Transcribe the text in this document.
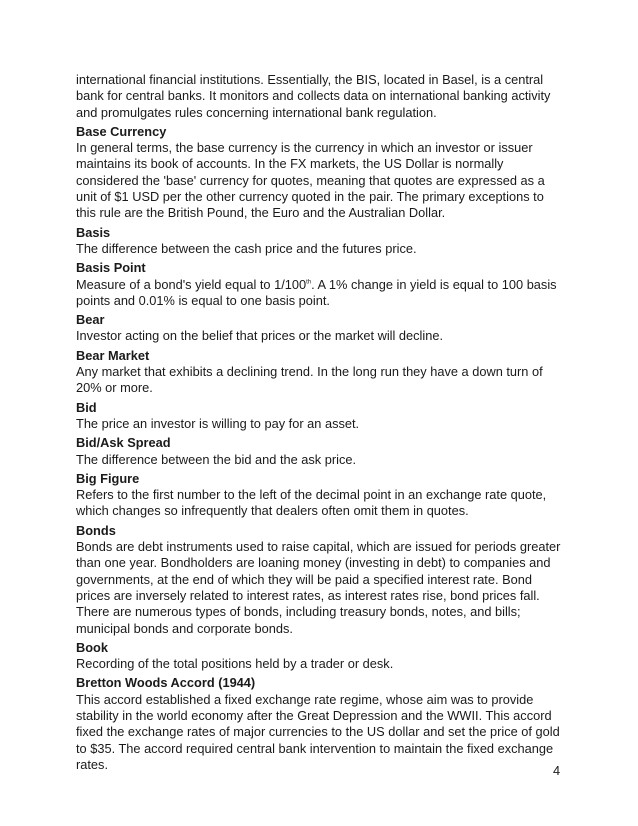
international financial institutions. Essentially, the BIS, located in Basel, is a central bank for central banks. It monitors and collects data on international banking activity and promulgates rules concerning international bank regulation.

Base Currency

In general terms, the base currency is the currency in which an investor or issuer maintains its book of accounts. In the FX markets, the US Dollar is normally considered the 'base' currency for quotes, meaning that quotes are expressed as a unit of $1 USD per the other currency quoted in the pair. The primary exceptions to this rule are the British Pound, the Euro and the Australian Dollar.

Basis

The difference between the cash price and the futures price.

Basis Point

Measure of a bond's yield equal to 1/100th. A 1% change in yield is equal to 100 basis points and 0.01% is equal to one basis point.

Bear

Investor acting on the belief that prices or the market will decline.

Bear Market

Any market that exhibits a declining trend. In the long run they have a down turn of 20% or more.

Bid

The price an investor is willing to pay for an asset.

Bid/Ask Spread

The difference between the bid and the ask price.

Big Figure

Refers to the first number to the left of the decimal point in an exchange rate quote, which changes so infrequently that dealers often omit them in quotes.

Bonds

Bonds are debt instruments used to raise capital, which are issued for periods greater than one year. Bondholders are loaning money (investing in debt) to companies and governments, at the end of which they will be paid a specified interest rate. Bond prices are inversely related to interest rates, as interest rates rise, bond prices fall. There are numerous types of bonds, including treasury bonds, notes, and bills; municipal bonds and corporate bonds.

Book

Recording of the total positions held by a trader or desk.

Bretton Woods Accord (1944)

This accord established a fixed exchange rate regime, whose aim was to provide stability in the world economy after the Great Depression and the WWII. This accord fixed the exchange rates of major currencies to the US dollar and set the price of gold to $35. The accord required central bank intervention to maintain the fixed exchange rates.	4
